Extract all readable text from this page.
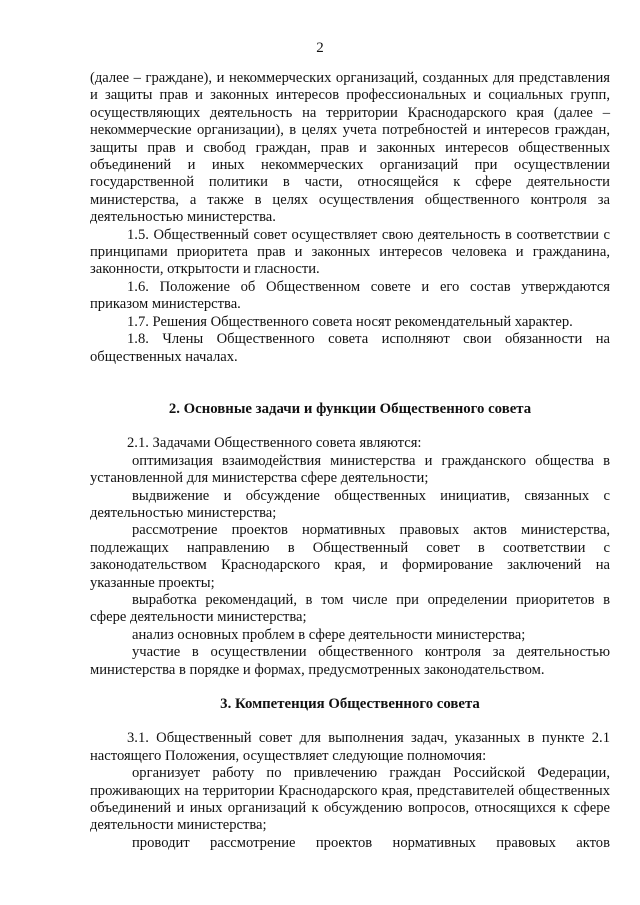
2

(далее – граждане), и некоммерческих организаций, созданных для представления и защиты прав и законных интересов профессиональных и социальных групп, осуществляющих деятельность на территории Краснодарского края (далее – некоммерческие организации), в целях учета потребностей и интересов граждан, защиты прав и свобод граждан, прав и законных интересов общественных объединений и иных некоммерческих организаций при осуществлении государственной политики в части, относящейся к сфере деятельности министерства, а также в целях осуществления общественного контроля за деятельностью министерства.

1.5. Общественный совет осуществляет свою деятельность в соответствии с принципами приоритета прав и законных интересов человека и гражданина, законности, открытости и гласности.

1.6. Положение об Общественном совете и его состав утверждаются приказом министерства.

1.7. Решения Общественного совета носят рекомендательный характер.

1.8. Члены Общественного совета исполняют свои обязанности на общественных началах.

2. Основные задачи и функции Общественного совета

2.1. Задачами Общественного совета являются:

оптимизация взаимодействия министерства и гражданского общества в установленной для министерства сфере деятельности;

выдвижение и обсуждение общественных инициатив, связанных с деятельностью министерства;

рассмотрение проектов нормативных правовых актов министерства, подлежащих направлению в Общественный совет в соответствии с законодательством Краснодарского края, и формирование заключений на указанные проекты;

выработка рекомендаций, в том числе при определении приоритетов в сфере деятельности министерства;

анализ основных проблем в сфере деятельности министерства;

участие в осуществлении общественного контроля за деятельностью министерства в порядке и формах, предусмотренных законодательством.

3. Компетенция Общественного совета

3.1. Общественный совет для выполнения задач, указанных в пункте 2.1 настоящего Положения, осуществляет следующие полномочия:

организует работу по привлечению граждан Российской Федерации, проживающих на территории Краснодарского края, представителей общественных объединений и иных организаций к обсуждению вопросов, относящихся к сфере деятельности министерства;

проводит рассмотрение проектов нормативных правовых актов
